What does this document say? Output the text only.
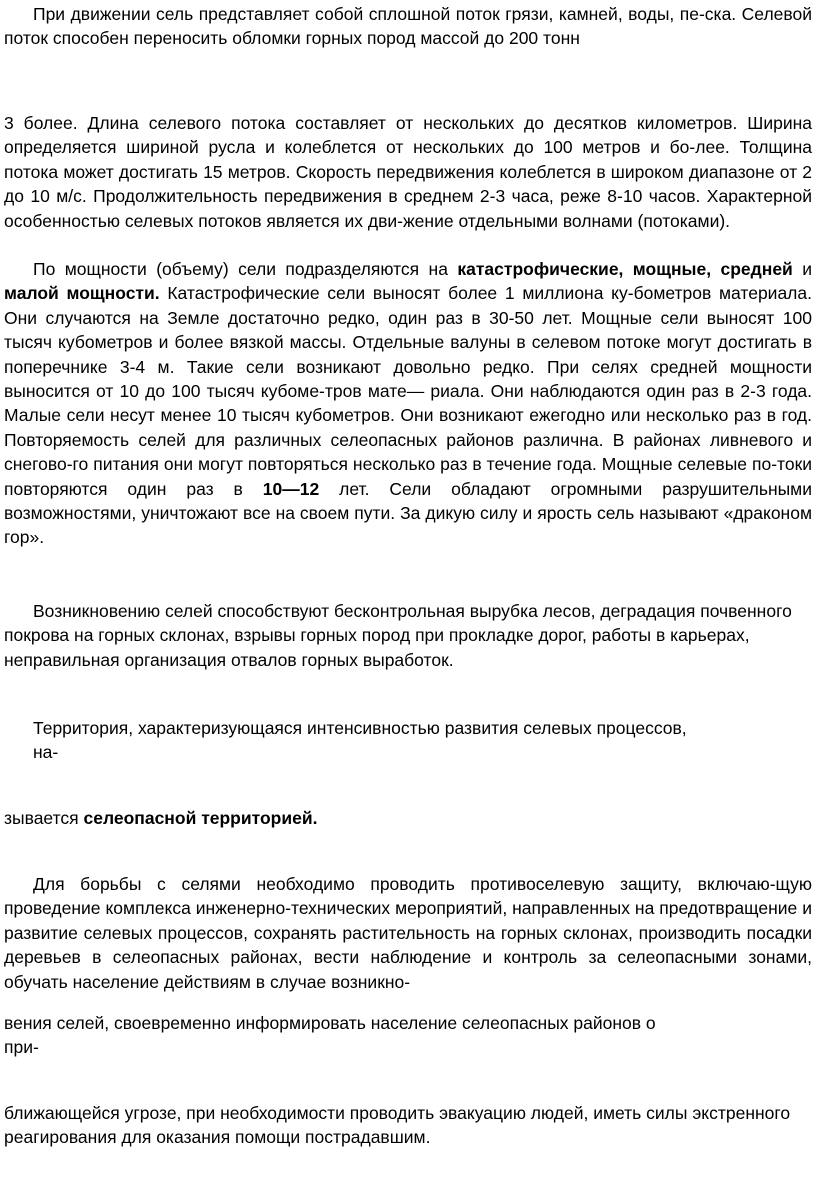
При движении сель представляет собой сплошной поток грязи, камней, воды, пе-ска. Селевой поток способен переносить обломки горных пород массой до 200 тонн

3 более. Длина селевого потока составляет от нескольких до десятков километров. Ширина определяется шириной русла и колеблется от нескольких до 100 метров и бо-лее. Толщина потока может достигать 15 метров. Скорость передвижения колеблется в широком диапазоне от 2 до 10 м/с. Продолжительность передвижения в среднем 2-3 часа, реже 8-10 часов. Характерной особенностью селевых потоков является их дви-жение отдельными волнами (потоками).

По мощности (объему) сели подразделяются на катастрофические, мощные, средней и малой мощности. Катастрофические сели выносят более 1 миллиона ку-бометров материала. Они случаются на Земле достаточно редко, один раз в 30-50 лет. Мощные сели выносят 100 тысяч кубометров и более вязкой массы. Отдельные валуны в селевом потоке могут достигать в поперечнике 3-4 м. Такие сели возникают довольно редко. При селях средней мощности выносится от 10 до 100 тысяч кубоме-тров мате— риала. Они наблюдаются один раз в 2-3 года. Малые сели несут менее 10 тысяч кубометров. Они возникают ежегодно или несколько раз в год. Повторяемость селей для различных селеопасных районов различна. В районах ливневого и снегово-го питания они могут повторяться несколько раз в течение года. Мощные селевые по-токи повторяются один раз в 10—12 лет. Сели обладают огромными разрушительными возможностями, уничтожают все на своем пути. За дикую силу и ярость сель называют «драконом гор».

Возникновению селей способствуют бесконтрольная вырубка лесов, деградация почвенного покрова на горных склонах, взрывы горных пород при прокладке дорог, работы в карьерах, неправильная организация отвалов горных выработок.

Территория, характеризующаяся интенсивностью развития селевых процессов,
на-

зывается селеопасной территорией.

Для борьбы с селями необходимо проводить противоселевую защиту, включаю-щую проведение комплекса инженерно-технических мероприятий, направленных на предотвращение и развитие селевых процессов, сохранять растительность на горных склонах, производить посадки деревьев в селеопасных районах, вести наблюдение и контроль за селеопасными зонами, обучать население действиям в случае возникно-

вения селей, своевременно информировать население селеопасных районов о
при-

ближающейся угрозе, при необходимости проводить эвакуацию людей, иметь силы экстренного реагирования для оказания помощи пострадавшим.
